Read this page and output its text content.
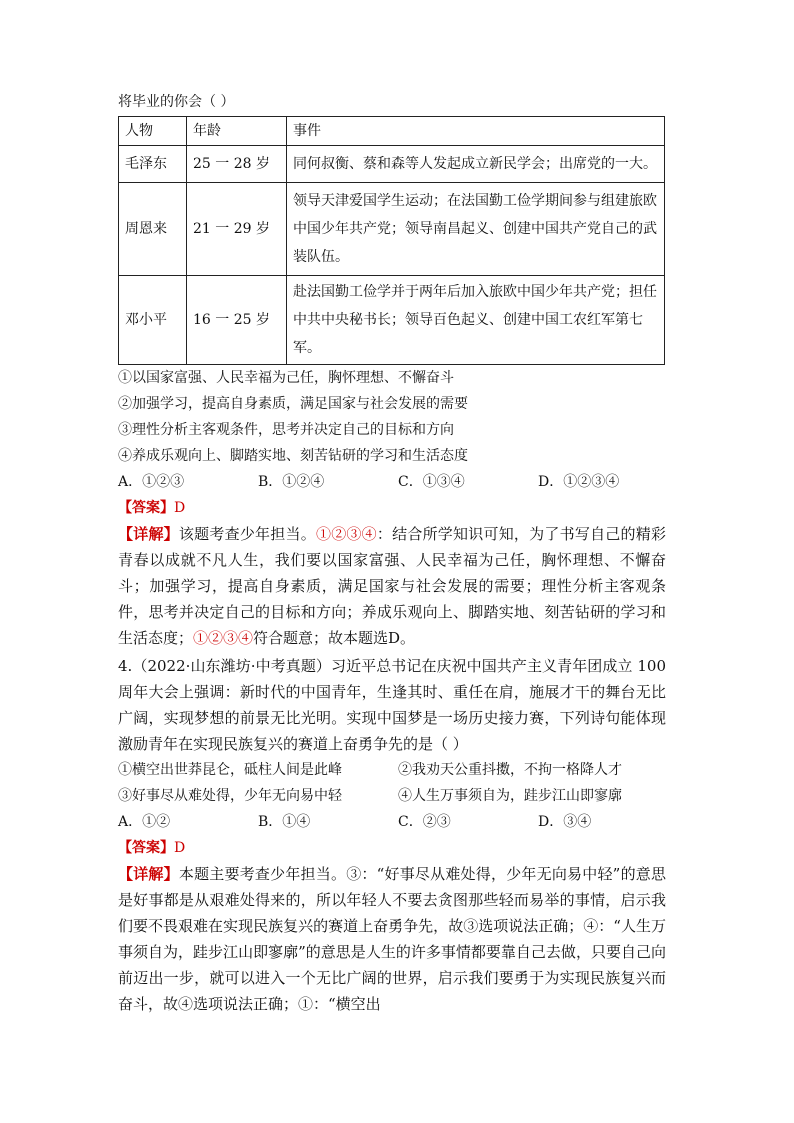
将毕业的你会（ ）
人物	年龄	事件
毛泽东	25 一 28 岁	同何叔衡、蔡和森等人发起成立新民学会；出席党的一大。
周恩来	21 一 29 岁	领导天津爱国学生运动；在法国勤工俭学期间参与组建旅欧中国少年共产党；领导南昌起义、创建中国共产党自己的武装队伍。
邓小平	16 一 25 岁	赴法国勤工俭学并于两年后加入旅欧中国少年共产党；担任中共中央秘书长；领导百色起义、创建中国工农红军第七军。
①以国家富强、人民幸福为己任，胸怀理想、不懈奋斗
②加强学习，提高自身素质，满足国家与社会发展的需要
③理性分析主客观条件，思考并决定自己的目标和方向
④养成乐观向上、脚踏实地、刻苦钻研的学习和生活态度
A．①②③	B．①②④	C．①③④	D．①②③④
【答案】D
【详解】该题考查少年担当。①②③④：结合所学知识可知，为了书写自己的精彩青春以成就不凡人生，我们要以国家富强、人民幸福为己任，胸怀理想、不懈奋斗；加强学习，提高自身素质，满足国家与社会发展的需要；理性分析主客观条件，思考并决定自己的目标和方向；养成乐观向上、脚踏实地、刻苦钻研的学习和生活态度；①②③④符合题意；故本题选D。
4.（2022·山东潍坊·中考真题）习近平总书记在庆祝中国共产主义青年团成立 100 周年大会上强调：新时代的中国青年，生逢其时、重任在肩，施展才干的舞台无比广阔，实现梦想的前景无比光明。实现中国梦是一场历史接力赛，下列诗句能体现激励青年在实现民族复兴的赛道上奋勇争先的是（ ）
①横空出世莽昆仑，砥柱人间是此峰	②我劝天公重抖擞，不拘一格降人才
③好事尽从难处得，少年无向易中轻	④人生万事须自为，跬步江山即寥廓
A．①②	B．①④	C．②③	D．③④
【答案】D
【详解】本题主要考查少年担当。③：“好事尽从难处得，少年无向易中轻”的意思是好事都是从艰难处得来的，所以年轻人不要去贪图那些轻而易举的事情，启示我们要不畏艰难在实现民族复兴的赛道上奋勇争先，故③选项说法正确；④：“人生万事须自为，跬步江山即寥廓”的意思是人生的许多事情都要靠自己去做，只要自己向前迈出一步，就可以进入一个无比广阔的世界，启示我们要勇于为实现民族复兴而奋斗，故④选项说法正确；①：“横空出
